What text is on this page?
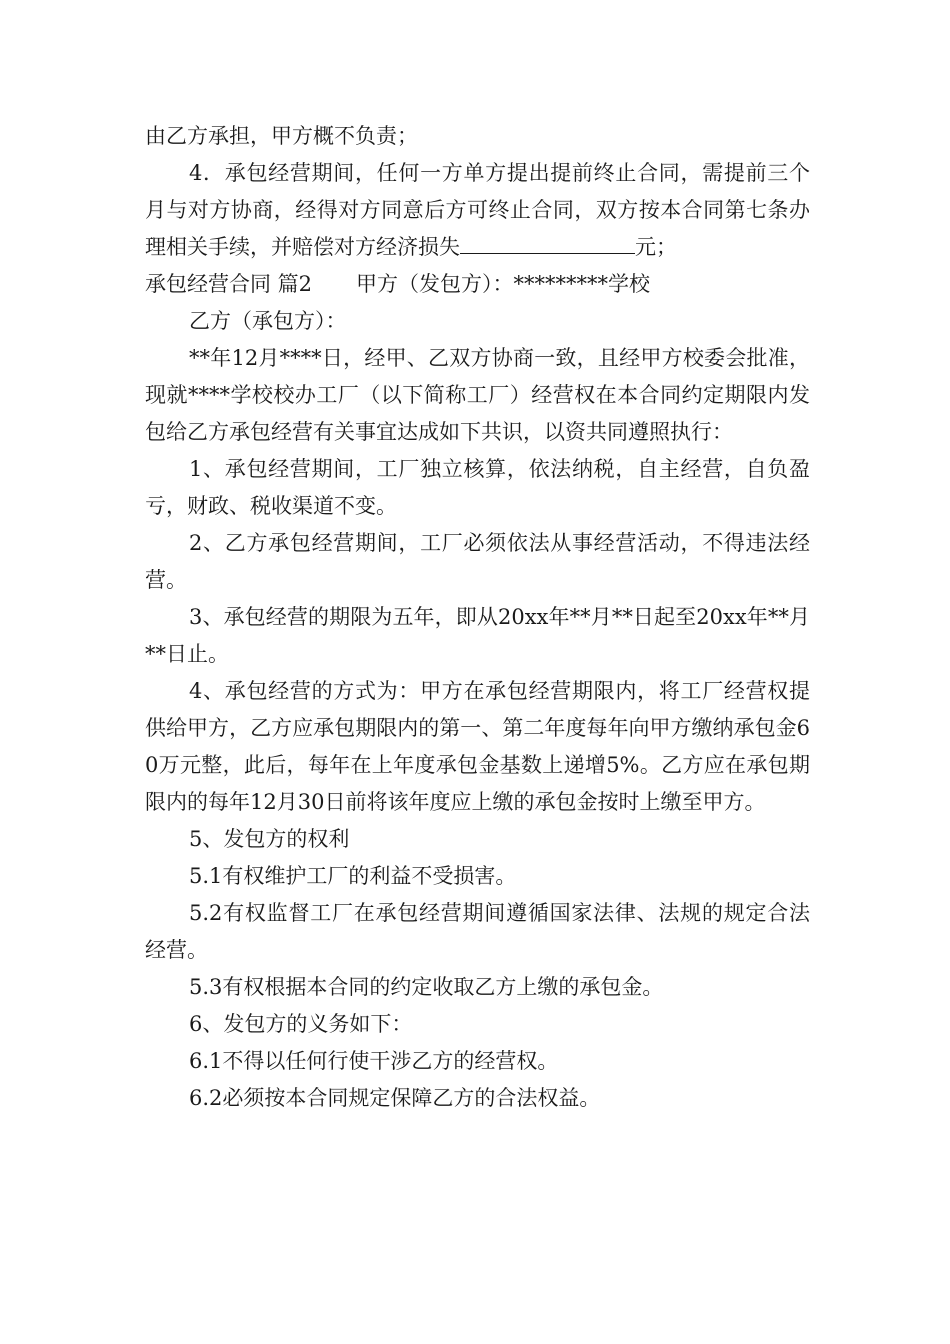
由乙方承担，甲方概不负责；

4．承包经营期间，任何一方单方提出提前终止合同，需提前三个月与对方协商，经得对方同意后方可终止合同，双方按本合同第七条办理相关手续，并赔偿对方经济损失	元；

承包经营合同 篇2 甲方（发包方）：*********学校

乙方（承包方）：

**年12月****日，经甲、乙双方协商一致，且经甲方校委会批准，现就****学校校办工厂（以下简称工厂）经营权在本合同约定期限内发包给乙方承包经营有关事宜达成如下共识，以资共同遵照执行：

1、承包经营期间，工厂独立核算，依法纳税，自主经营，自负盈亏，财政、税收渠道不变。

2、乙方承包经营期间，工厂必须依法从事经营活动，不得违法经营。

3、承包经营的期限为五年，即从20xx年**月**日起至20xx年**月**日止。

4、承包经营的方式为：甲方在承包经营期限内，将工厂经营权提供给甲方，乙方应承包期限内的第一、第二年度每年向甲方缴纳承包金60万元整，此后，每年在上年度承包金基数上递增5%。乙方应在承包期限内的每年12月30日前将该年度应上缴的承包金按时上缴至甲方。

5、发包方的权利

5.1有权维护工厂的利益不受损害。

5.2有权监督工厂在承包经营期间遵循国家法律、法规的规定合法经营。

5.3有权根据本合同的约定收取乙方上缴的承包金。

6、发包方的义务如下：

6.1不得以任何行使干涉乙方的经营权。

6.2必须按本合同规定保障乙方的合法权益。
